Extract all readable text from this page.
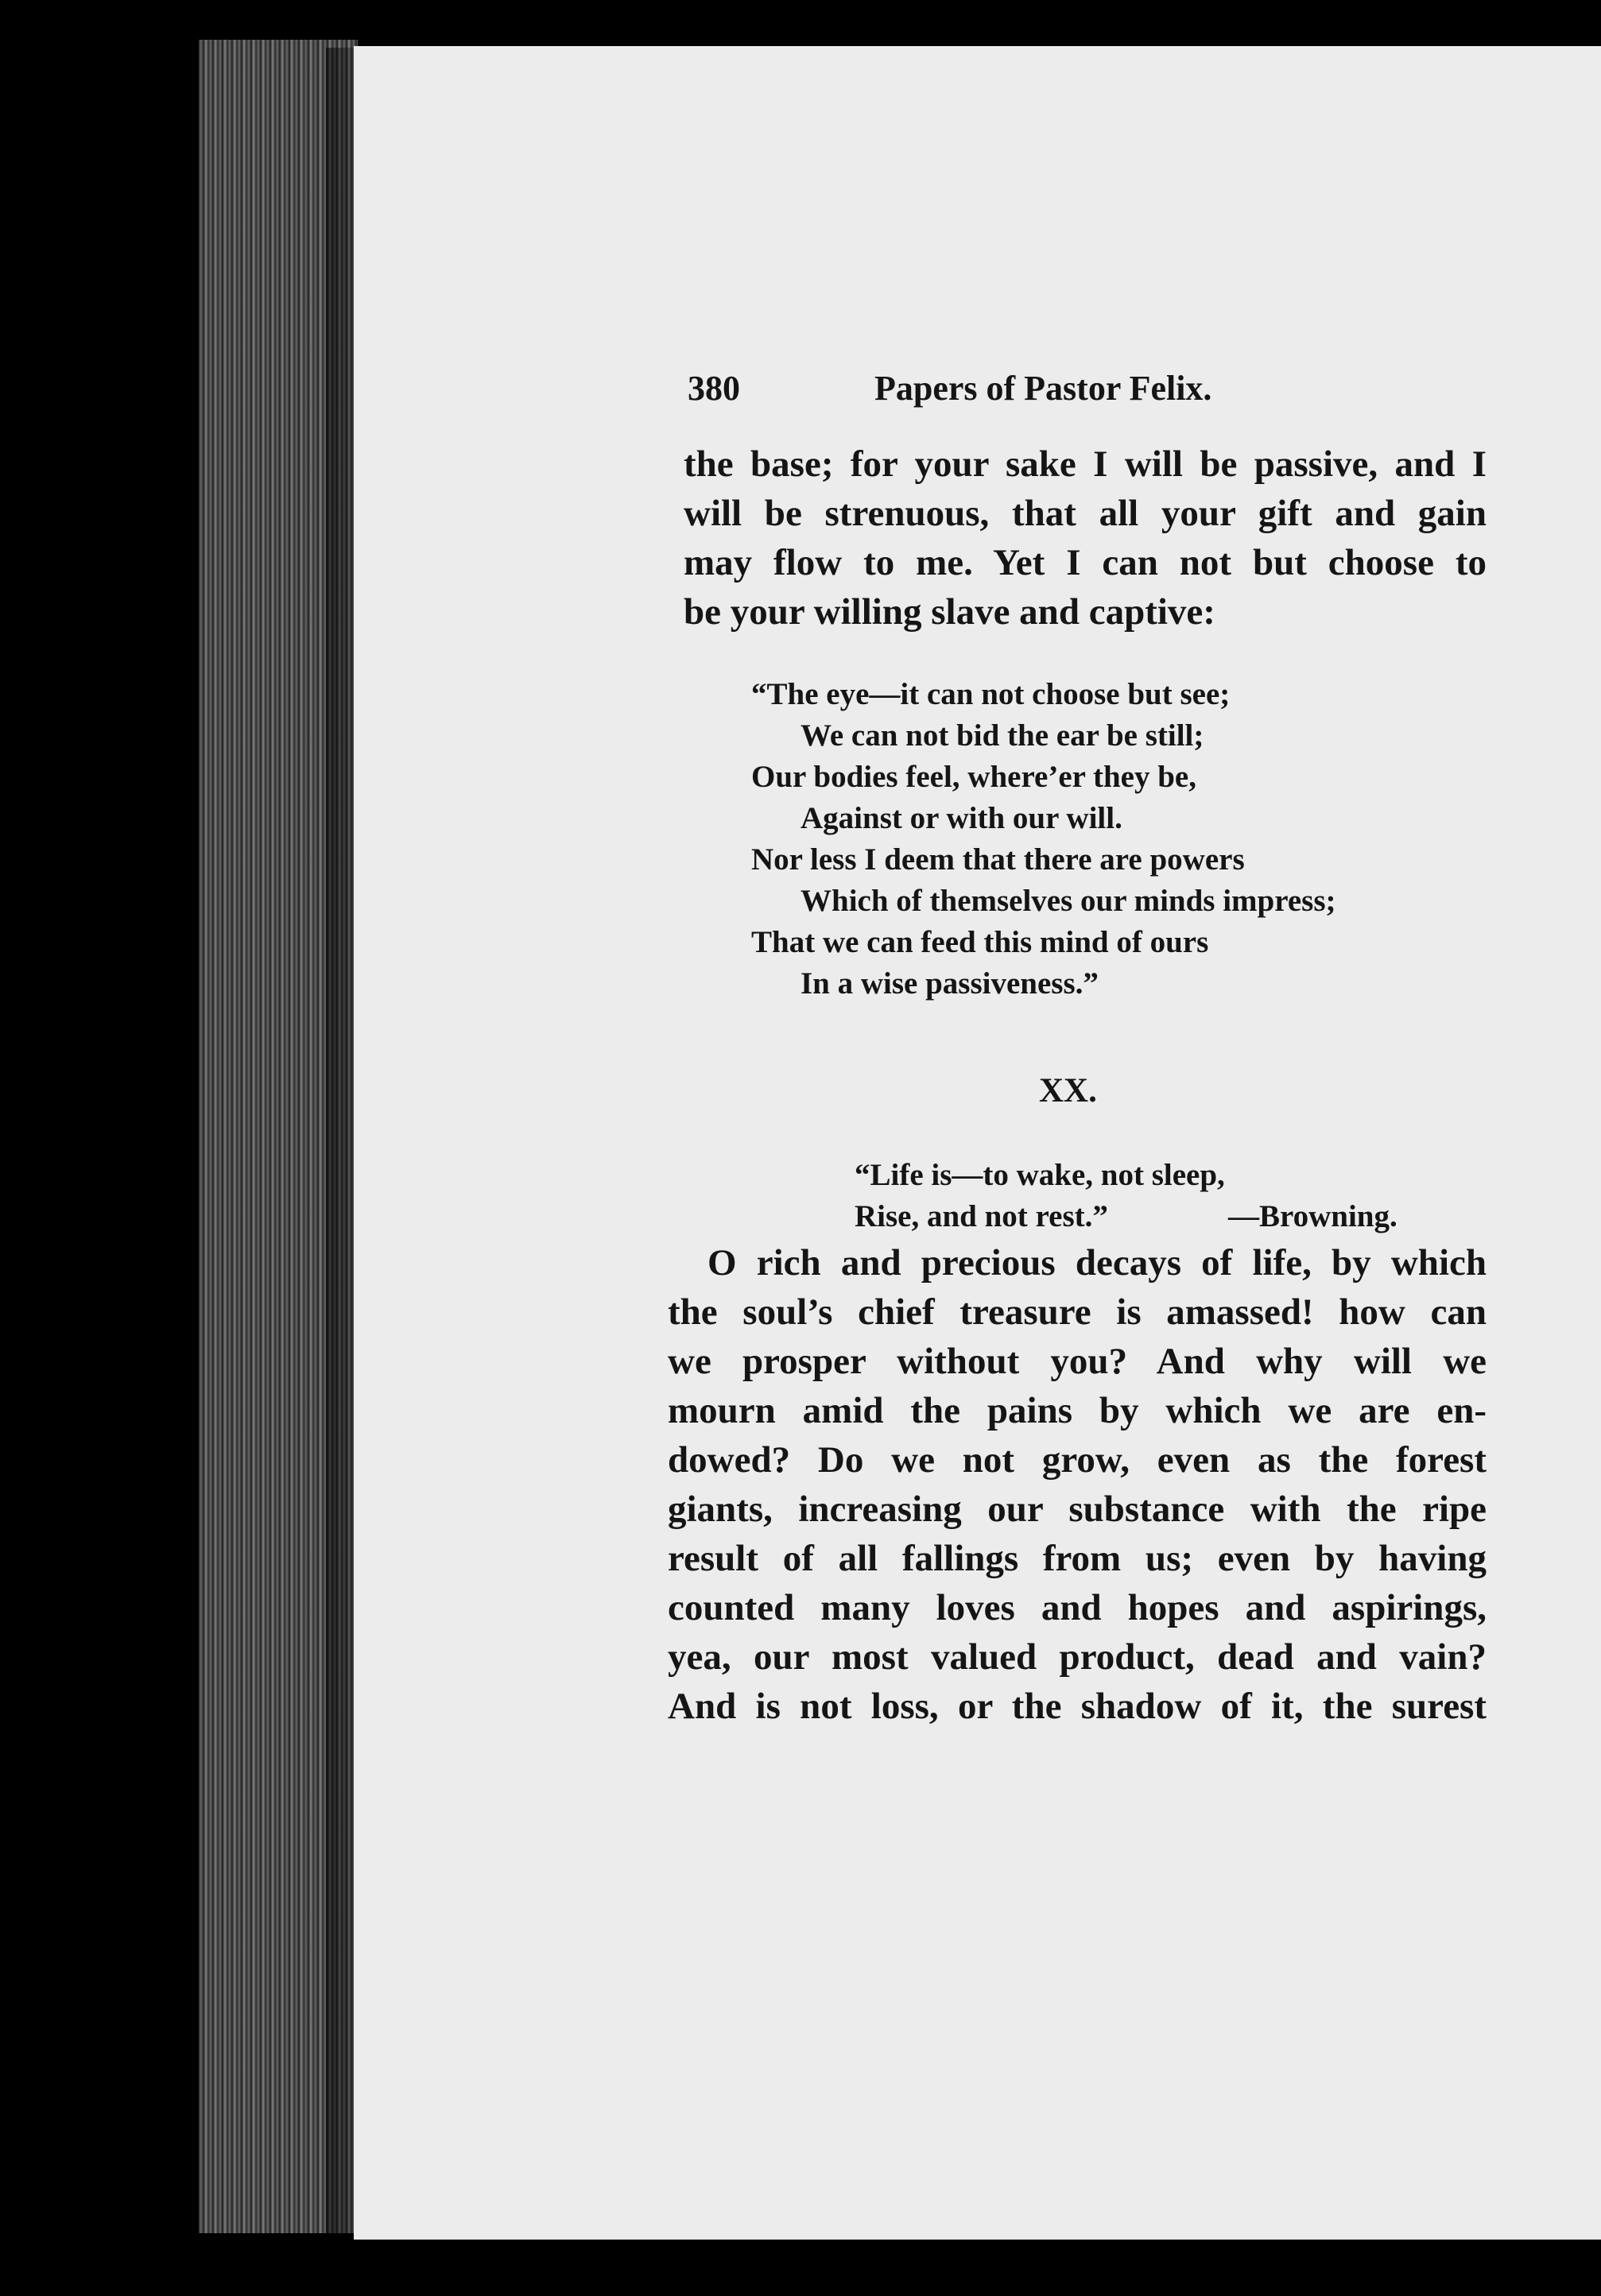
380	Papers of Pastor Felix.
the base; for your sake I will be passive, and I
will be strenuous, that all your gift and gain
may flow to me. Yet I can not but choose to
be your willing slave and captive:
“The eye—it can not choose but see;
We can not bid the ear be still;
Our bodies feel, where’er they be,
Against or with our will.
Nor less I deem that there are powers
Which of themselves our minds impress;
That we can feed this mind of ours
In a wise passiveness.”
XX.
“Life is—to wake, not sleep,
Rise, and not rest.”	—Browning.
O rich and precious decays of life, by which
the soul’s chief treasure is amassed! how can
we prosper without you? And why will we
mourn amid the pains by which we are en-
dowed? Do we not grow, even as the forest
giants, increasing our substance with the ripe
result of all fallings from us; even by having
counted many loves and hopes and aspirings,
yea, our most valued product, dead and vain?
And is not loss, or the shadow of it, the surest
